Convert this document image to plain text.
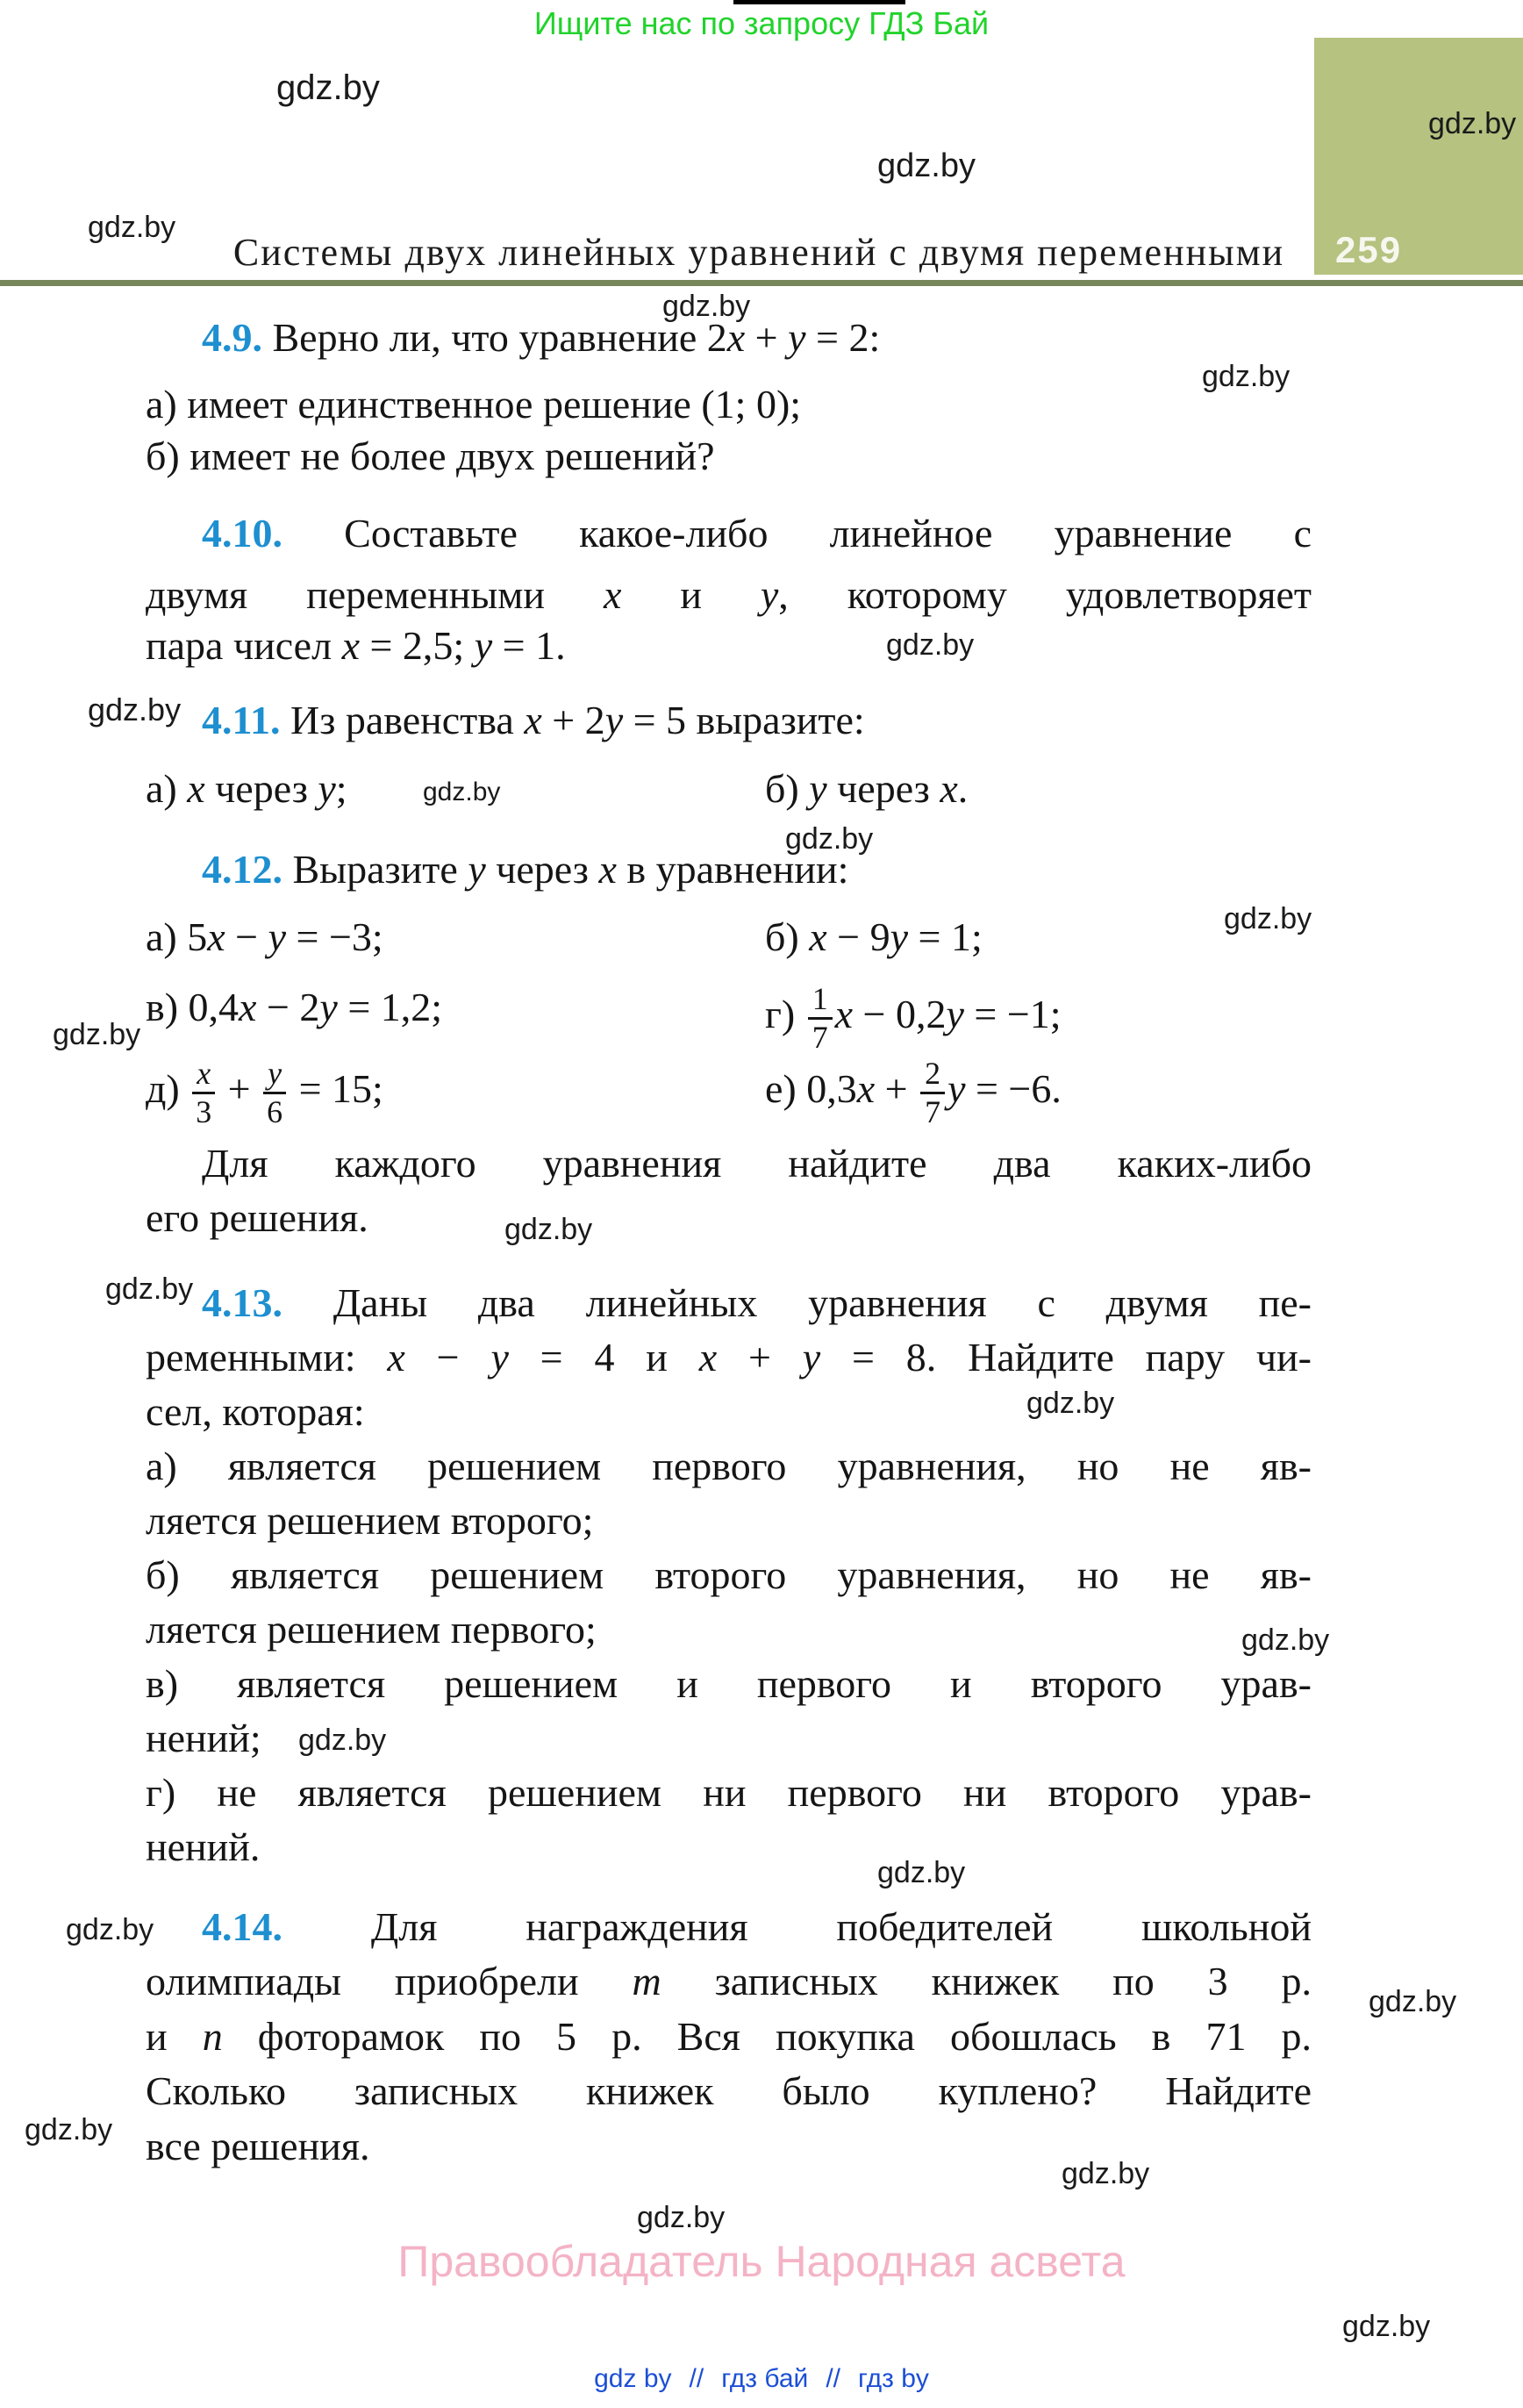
Ищите нас по запросу ГДЗ Бай
259
Системы двух линейных уравнений с двумя переменными
4.9. Верно ли, что уравнение 2x + y = 2:
а) имеет единственное решение (1; 0);
б) имеет не более двух решений?
4.10. Составьте какое-либо линейное уравнение с
двумя переменными x и y, которому удовлетворяет
пара чисел x = 2,5; y = 1.
4.11. Из равенства x + 2y = 5 выразите:
а) x через y;	б) y через x.
4.12. Выразите y через x в уравнении:
а) 5x − y = −3;	б) x − 9y = 1;
в) 0,4x − 2y = 1,2;	$г) \frac{1}{7}$ x − 0,2y = −1;
$д) \frac{x}{3} + \frac{y}{6} = 15$;	е) $0,3x + \frac{2}{7}$ y = −6.
Для каждого уравнения найдите два каких-либо
его решения.
4.13. Даны два линейных уравнения с двумя пе-
ременными: x − y = 4 и x + y = 8. Найдите пару чи-
сел, которая:
а) является решением первого уравнения, но не яв-
ляется решением второго;
б) является решением второго уравнения, но не яв-
ляется решением первого;
в) является решением и первого и второго урав-
нений;
г) не является решением ни первого ни второго урав-
нений.
4.14. Для награждения победителей школьной
олимпиады приобрели m записных книжек по 3 р.
и n фоторамок по 5 р. Вся покупка обошлась в 71 р.
Сколько записных книжек было куплено? Найдите
все решения.
gdz.by
gdz.by
gdz.by
gdz.by
gdz.by
gdz.by
gdz.by
gdz.by
gdz.by
gdz.by
gdz.by
gdz.by
gdz.by
gdz.by
gdz.by
gdz.by
gdz.by
gdz.by
gdz.by
gdz.by
gdz.by
gdz.by
gdz.by
gdz.by
Правообладатель Народная асвета
gdz by // гдз бай // гдз by
